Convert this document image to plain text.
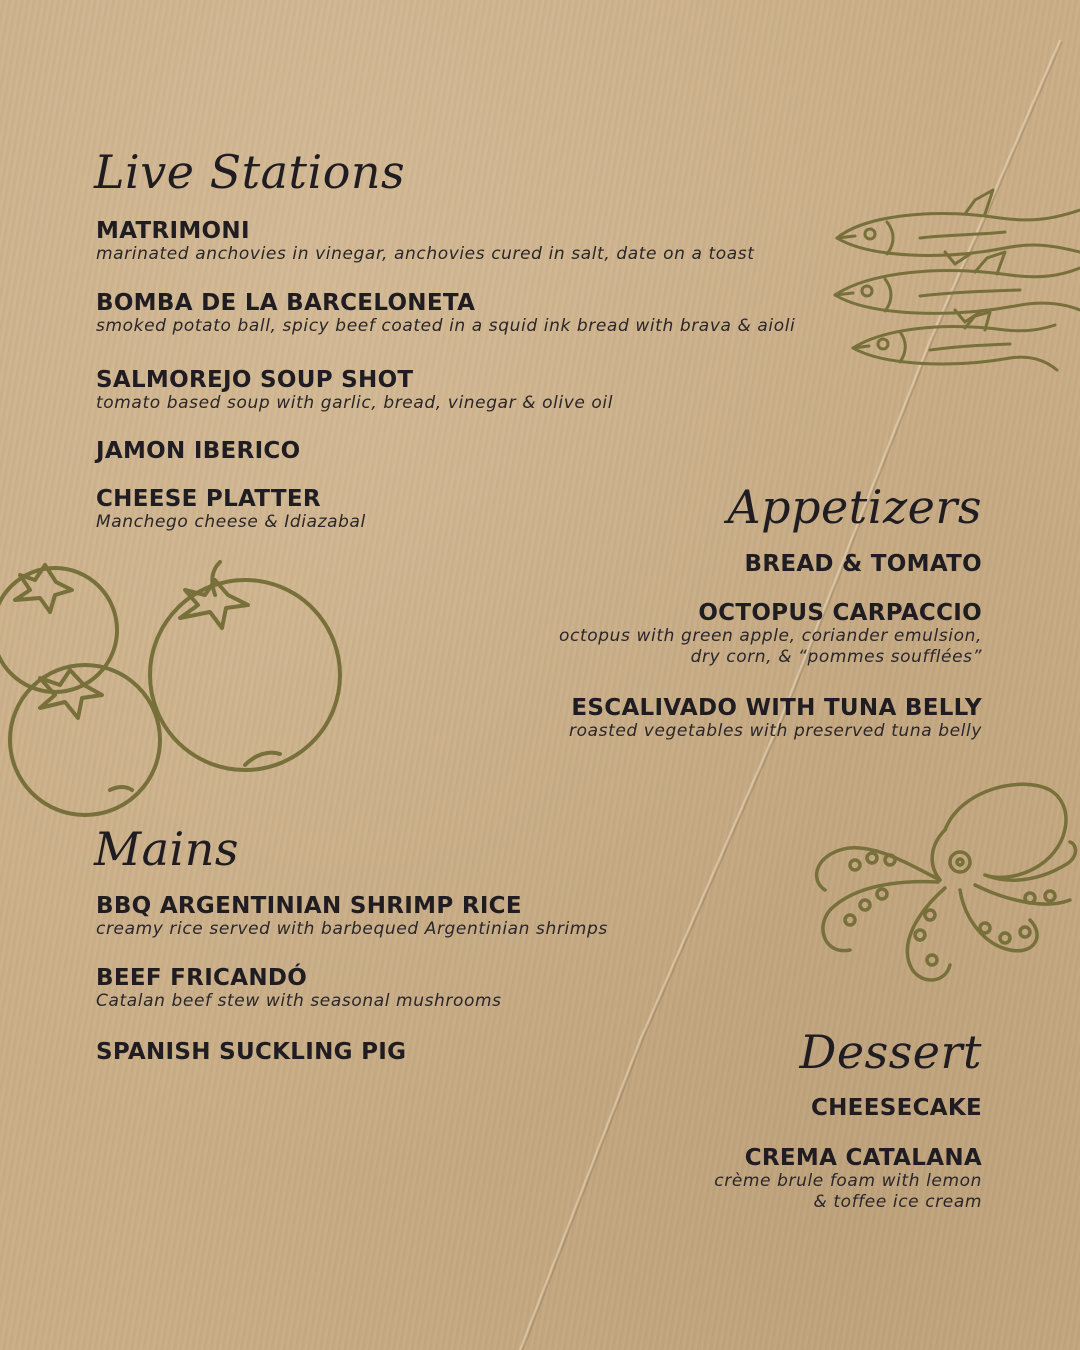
Live Stations
MATRIMONI
marinated anchovies in vinegar, anchovies cured in salt, date on a toast
BOMBA DE LA BARCELONETA
smoked potato ball, spicy beef coated in a squid ink bread with brava & aioli
SALMOREJO SOUP SHOT
tomato based soup with garlic, bread, vinegar & olive oil
JAMON IBERICO
CHEESE PLATTER
Manchego cheese & Idiazabal	Appetizers
BREAD & TOMATO
OCTOPUS CARPACCIO
octopus with green apple, coriander emulsion,
dry corn, & “pommes soufflées”
ESCALIVADO WITH TUNA BELLY
roasted vegetables with preserved tuna belly
Mains
BBQ ARGENTINIAN SHRIMP RICE
creamy rice served with barbequed Argentinian shrimps
BEEF FRICANDÓ
Catalan beef stew with seasonal mushrooms
SPANISH SUCKLING PIG	Dessert
CHEESECAKE
CREMA CATALANA
crème brule foam with lemon
& toffee ice cream
